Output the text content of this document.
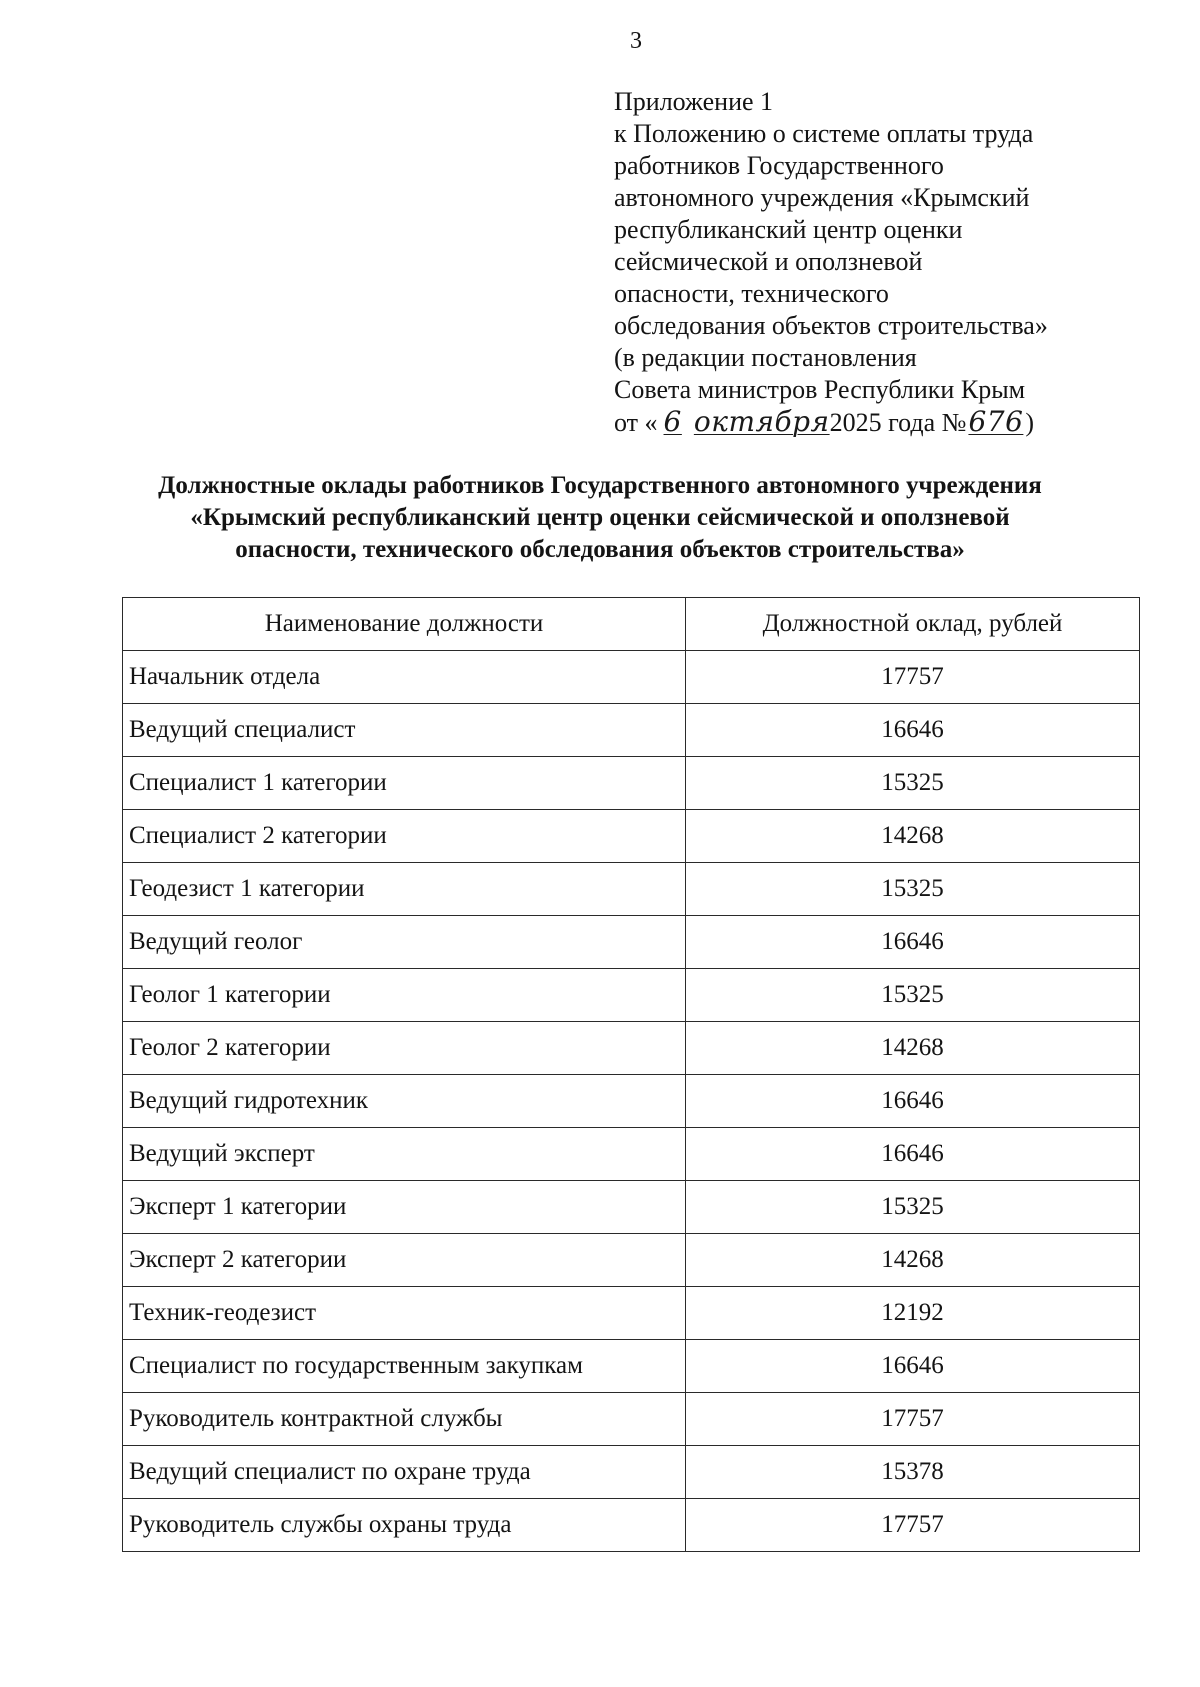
3
Приложение 1
к Положению о системе оплаты труда
работников Государственного
автономного учреждения «Крымский
республиканский центр оценки
сейсмической и оползневой
опасности, технического
обследования объектов строительства»
(в редакции постановления
Совета министров Республики Крым
от « 6 октября2025 года №676)
Должностные оклады работников Государственного автономного учреждения «Крымский республиканский центр оценки сейсмической и оползневой опасности, технического обследования объектов строительства»
Наименование должности	Должностной оклад, рублей
Начальник отдела	17757
Ведущий специалист	16646
Специалист 1 категории	15325
Специалист 2 категории	14268
Геодезист 1 категории	15325
Ведущий геолог	16646
Геолог 1 категории	15325
Геолог 2 категории	14268
Ведущий гидротехник	16646
Ведущий эксперт	16646
Эксперт 1 категории	15325
Эксперт 2 категории	14268
Техник-геодезист	12192
Специалист по государственным закупкам	16646
Руководитель контрактной службы	17757
Ведущий специалист по охране труда	15378
Руководитель службы охраны труда	17757
